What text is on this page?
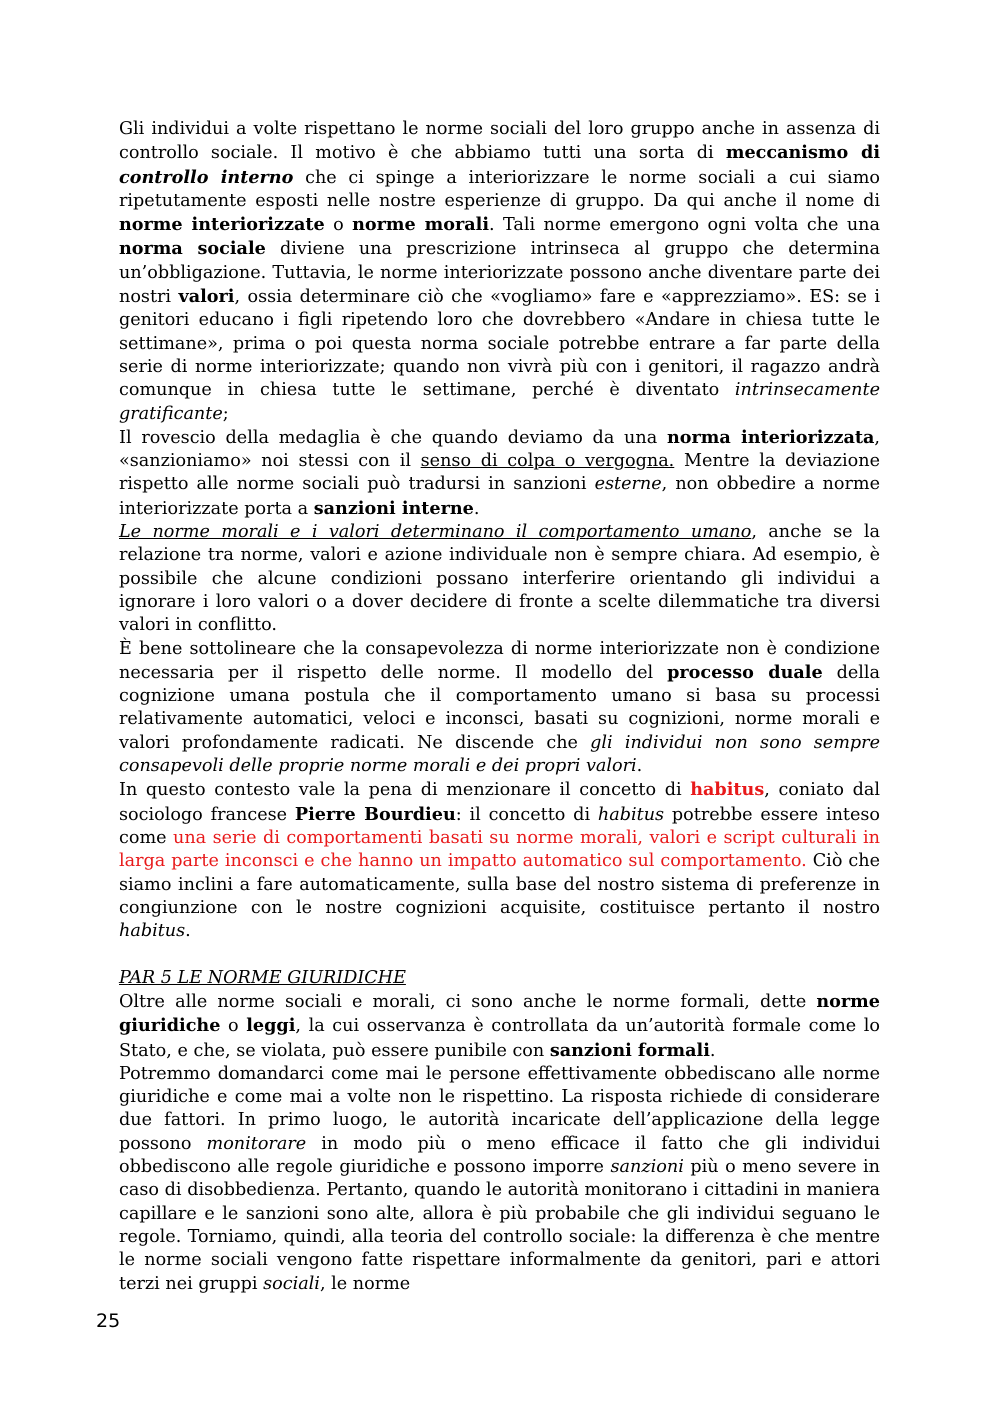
Gli individui a volte rispettano le norme sociali del loro gruppo anche in assenza di controllo sociale. Il motivo è che abbiamo tutti una sorta di meccanismo di controllo interno che ci spinge a interiorizzare le norme sociali a cui siamo ripetutamente esposti nelle nostre esperienze di gruppo. Da qui anche il nome di norme interiorizzate o norme morali. Tali norme emergono ogni volta che una norma sociale diviene una prescrizione intrinseca al gruppo che determina un’obbligazione. Tuttavia, le norme interiorizzate possono anche diventare parte dei nostri valori, ossia determinare ciò che «vogliamo» fare e «apprezziamo». ES: se i genitori educano i figli ripetendo loro che dovrebbero «Andare in chiesa tutte le settimane», prima o poi questa norma sociale potrebbe entrare a far parte della serie di norme interiorizzate; quando non vivrà più con i genitori, il ragazzo andrà comunque in chiesa tutte le settimane, perché è diventato intrinsecamente gratificante;

Il rovescio della medaglia è che quando deviamo da una norma interiorizzata, «sanzioniamo» noi stessi con il senso di colpa o vergogna. Mentre la deviazione rispetto alle norme sociali può tradursi in sanzioni esterne, non obbedire a norme interiorizzate porta a sanzioni interne.

Le norme morali e i valori determinano il comportamento umano, anche se la relazione tra norme, valori e azione individuale non è sempre chiara. Ad esempio, è possibile che alcune condizioni possano interferire orientando gli individui a ignorare i loro valori o a dover decidere di fronte a scelte dilemmatiche tra diversi valori in conflitto.

È bene sottolineare che la consapevolezza di norme interiorizzate non è condizione necessaria per il rispetto delle norme. Il modello del processo duale della cognizione umana postula che il comportamento umano si basa su processi relativamente automatici, veloci e inconsci, basati su cognizioni, norme morali e valori profondamente radicati. Ne discende che gli individui non sono sempre consapevoli delle proprie norme morali e dei propri valori.

In questo contesto vale la pena di menzionare il concetto di habitus, coniato dal sociologo francese Pierre Bourdieu: il concetto di habitus potrebbe essere inteso come una serie di comportamenti basati su norme morali, valori e script culturali in larga parte inconsci e che hanno un impatto automatico sul comportamento. Ciò che siamo inclini a fare automaticamente, sulla base del nostro sistema di preferenze in congiunzione con le nostre cognizioni acquisite, costituisce pertanto il nostro habitus.

PAR 5 LE NORME GIURIDICHE

Oltre alle norme sociali e morali, ci sono anche le norme formali, dette norme giuridiche o leggi, la cui osservanza è controllata da un’autorità formale come lo Stato, e che, se violata, può essere punibile con sanzioni formali.

Potremmo domandarci come mai le persone effettivamente obbediscano alle norme giuridiche e come mai a volte non le rispettino. La risposta richiede di considerare due fattori. In primo luogo, le autorità incaricate dell’applicazione della legge possono monitorare in modo più o meno efficace il fatto che gli individui obbediscono alle regole giuridiche e possono imporre sanzioni più o meno severe in caso di disobbedienza. Pertanto, quando le autorità monitorano i cittadini in maniera capillare e le sanzioni sono alte, allora è più probabile che gli individui seguano le regole. Torniamo, quindi, alla teoria del controllo sociale: la differenza è che mentre le norme sociali vengono fatte rispettare informalmente da genitori, pari e attori terzi nei gruppi sociali, le norme

25
